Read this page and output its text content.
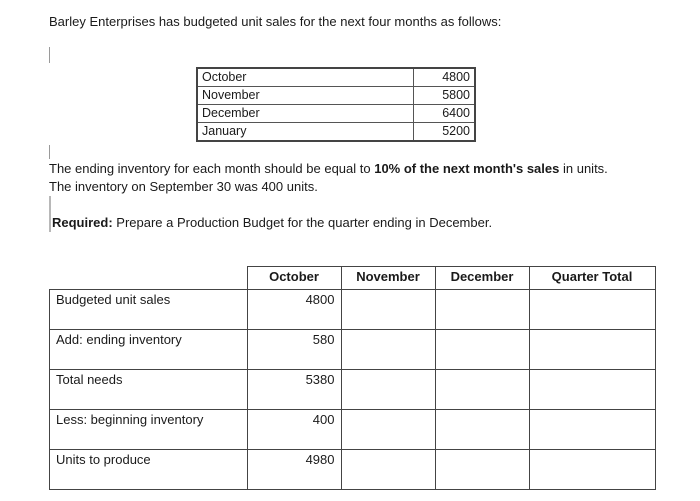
Barley Enterprises has budgeted unit sales for the next four months as follows:
October	4800
November	5800
December	6400
January	5200
The ending inventory for each month should be equal to 10% of the next month's sales in units.
The inventory on September 30 was 400 units.
Required: Prepare a Production Budget for the quarter ending in December.
	October	November	December	Quarter Total
Budgeted unit sales	4800			
Add: ending inventory	580			
Total needs	5380			
Less: beginning inventory	400			
Units to produce	4980			
